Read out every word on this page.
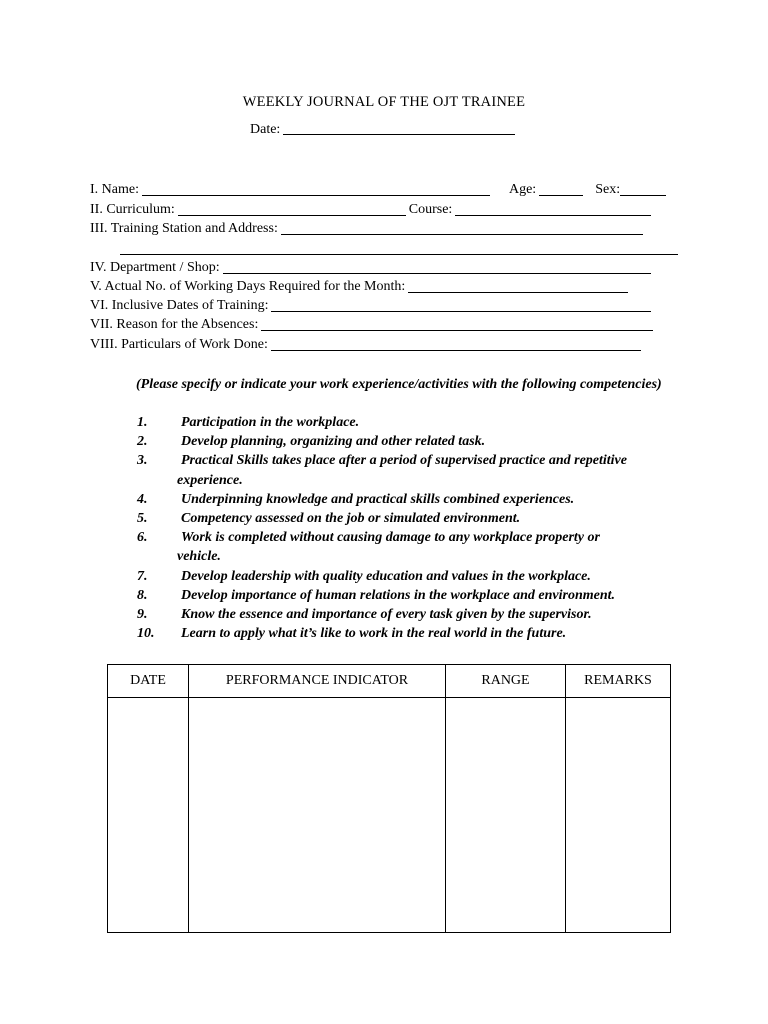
WEEKLY JOURNAL OF THE OJT TRAINEE
Date:
I. Name:	Age:	Sex:
II. Curriculum:	Course:
III. Training Station and Address:
IV. Department / Shop:
V. Actual No. of Working Days Required for the Month:
VI. Inclusive Dates of Training:
VII. Reason for the Absences:
VIII. Particulars of Work Done:
(Please specify or indicate your work experience/activities with the following competencies)
1.	Participation in the workplace.
2.	Develop planning, organizing and other related task.
3.	Practical Skills takes place after a period of supervised practice and repetitive
experience.
4.	Underpinning knowledge and practical skills combined experiences.
5.	Competency assessed on the job or simulated environment.
6.	Work is completed without causing damage to any workplace property or
vehicle.
7.	Develop leadership with quality education and values in the workplace.
8.	Develop importance of human relations in the workplace and environment.
9.	Know the essence and importance of every task given by the supervisor.
10.	Learn to apply what it’s like to work in the real world in the future.
DATE	PERFORMANCE INDICATOR	RANGE	REMARKS
